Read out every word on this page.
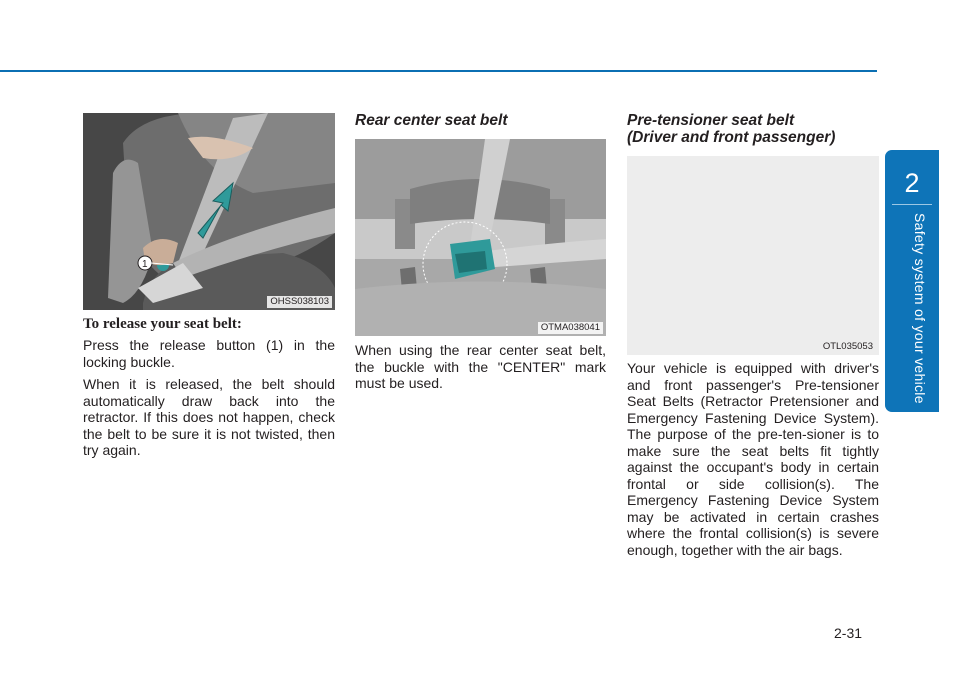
2
Safety system of your vehicle
1
OHSS038103
To release your seat belt:

Press the release button (1) in the locking buckle.

When it is released, the belt should automatically draw back into the retractor. If this does not happen, check the belt to be sure it is not twisted, then try again.

Rear center seat belt
OTMA038041

When using the rear center seat belt, the buckle with the "CENTER" mark must be used.

Pre-tensioner seat belt
(Driver and front passenger)
OTL035053

Your vehicle is equipped with driver's and front passenger's Pre-tensioner Seat Belts (Retractor Pretensioner and Emergency Fastening Device System). The purpose of the pre-ten-sioner is to make sure the seat belts fit tightly against the occupant's body in certain frontal or side collision(s). The Emergency Fastening Device System may be activated in certain crashes where the frontal collision(s) is severe enough, together with the air bags.

2-31
